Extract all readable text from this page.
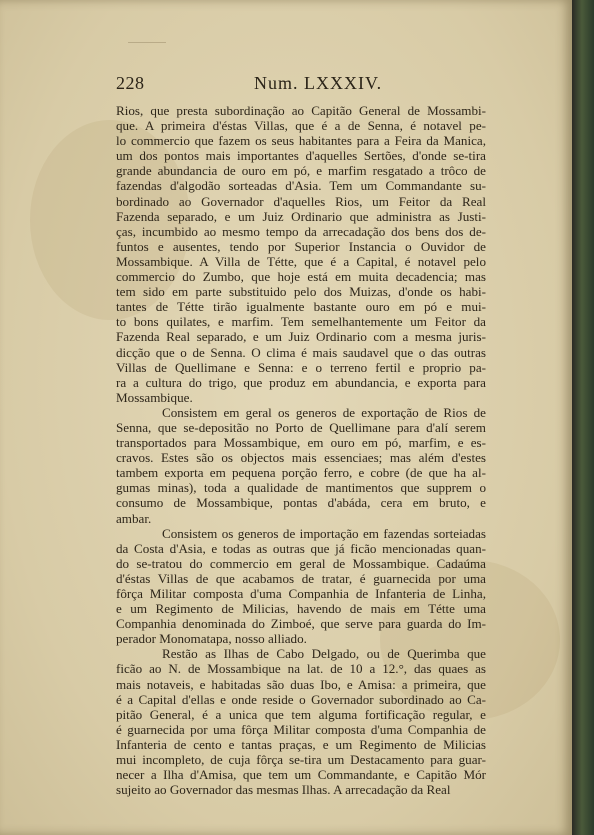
228	Num. LXXXIV.
Rios, que presta subordinação ao Capitão General de Mossambi-
que. A primeira d'éstas Villas, que é a de Senna, é notavel pe-
lo commercio que fazem os seus habitantes para a Feira da Manica,
um dos pontos mais importantes d'aquelles Sertões, d'onde se-tira
grande abundancia de ouro em pó, e marfim resgatado a trôco de
fazendas d'algodão sorteadas d'Asia. Tem um Commandante su-
bordinado ao Governador d'aquelles Rios, um Feitor da Real
Fazenda separado, e um Juiz Ordinario que administra as Justi-
ças, incumbido ao mesmo tempo da arrecadação dos bens dos de-
funtos e ausentes, tendo por Superior Instancia o Ouvidor de
Mossambique. A Villa de Tétte, que é a Capital, é notavel pelo
commercio do Zumbo, que hoje está em muita decadencia; mas
tem sido em parte substituido pelo dos Muizas, d'onde os habi-
tantes de Tétte tirão igualmente bastante ouro em pó e mui-
to bons quilates, e marfim. Tem semelhantemente um Feitor da
Fazenda Real separado, e um Juiz Ordinario com a mesma juris-
dicção que o de Senna. O clima é mais saudavel que o das outras
Villas de Quellimane e Senna: e o terreno fertil e proprio pa-
ra a cultura do trigo, que produz em abundancia, e exporta para
Mossambique.
Consistem em geral os generos de exportação de Rios de
Senna, que se-depositão no Porto de Quellimane para d'alí serem
transportados para Mossambique, em ouro em pó, marfim, e es-
cravos. Estes são os objectos mais essenciaes; mas além d'estes
tambem exporta em pequena porção ferro, e cobre (de que ha al-
gumas minas), toda a qualidade de mantimentos que supprem o
consumo de Mossambique, pontas d'abáda, cera em bruto, e
ambar.
Consistem os generos de importação em fazendas sorteiadas
da Costa d'Asia, e todas as outras que já ficão mencionadas quan-
do se-tratou do commercio em geral de Mossambique. Cadaúma
d'éstas Villas de que acabamos de tratar, é guarnecida por uma
fôrça Militar composta d'uma Companhia de Infanteria de Linha,
e um Regimento de Milicias, havendo de mais em Tétte uma
Companhia denominada do Zimboé, que serve para guarda do Im-
perador Monomatapa, nosso alliado.
Restão as Ilhas de Cabo Delgado, ou de Querimba que
ficão ao N. de Mossambique na lat. de 10 a 12.°, das quaes as
mais notaveis, e habitadas são duas Ibo, e Amisa: a primeira, que
é a Capital d'ellas e onde reside o Governador subordinado ao Ca-
pitão General, é a unica que tem alguma fortificação regular, e
é guarnecida por uma fôrça Militar composta d'uma Companhia de
Infanteria de cento e tantas praças, e um Regimento de Milicias
mui incompleto, de cuja fôrça se-tira um Destacamento para guar-
necer a Ilha d'Amisa, que tem um Commandante, e Capitão Mór
sujeito ao Governador das mesmas Ilhas. A arrecadação da Real
